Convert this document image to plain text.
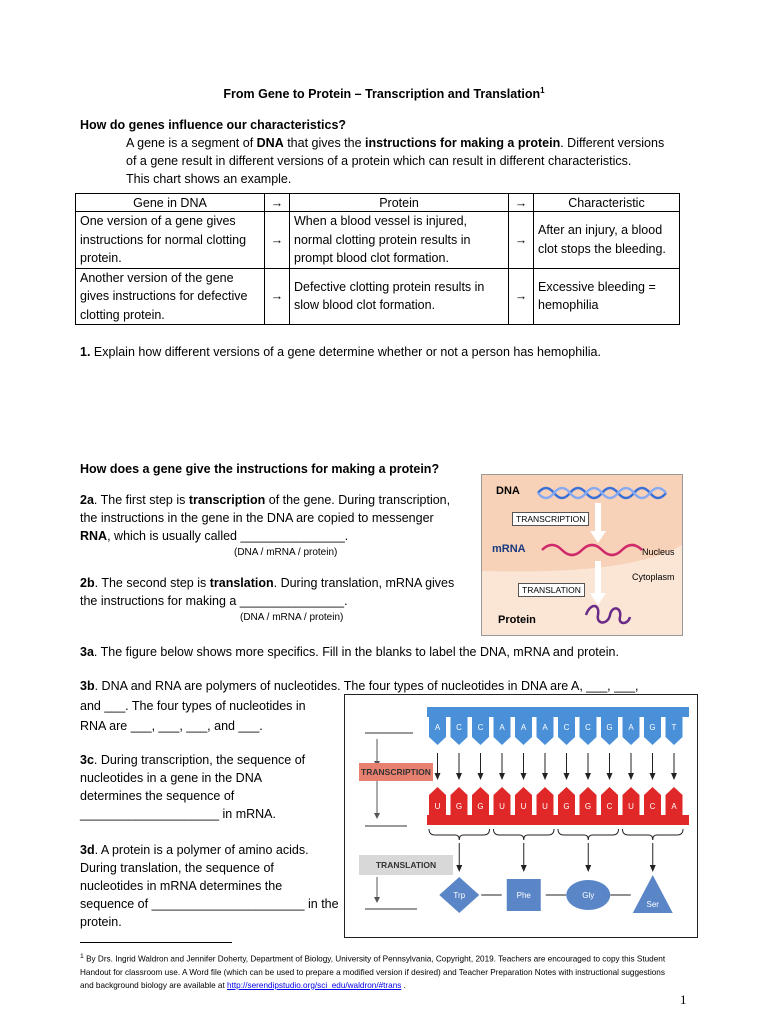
From Gene to Protein – Transcription and Translation$^1$
How do genes influence our characteristics?
A gene is a segment of DNA that gives the instructions for making a protein. Different versions
of a gene result in different versions of a protein which can result in different characteristics.
This chart shows an example.
Gene in DNA	→	Protein	→	Characteristic
One version of a gene gives instructions for normal clotting protein.	→	When a blood vessel is injured, normal clotting protein results in prompt blood clot formation.	→	After an injury, a blood clot stops the bleeding.
Another version of the gene gives instructions for defective clotting protein.	→	Defective clotting protein results in slow blood clot formation.	→	Excessive bleeding = hemophilia
1. Explain how different versions of a gene determine whether or not a person has hemophilia.
How does a gene give the instructions for making a protein?
2a. The first step is transcription of the gene. During transcription,
the instructions in the gene in the DNA are copied to messenger
RNA, which is usually called _______________.
(DNA / mRNA / protein)
2b. The second step is translation. During translation, mRNA gives
the instructions for making a _______________.
(DNA / mRNA / protein)
DNA
TRANSCRIPTION
mRNA	Nucleus
Cytoplasm
TRANSLATION
Protein
3a. The figure below shows more specifics. Fill in the blanks to label the DNA, mRNA and protein.
3b. DNA and RNA are polymers of nucleotides. The four types of nucleotides in DNA are A, ___, ___,
and ___. The four types of nucleotides in
RNA are ___, ___, ___, and ___.
3c. During transcription, the sequence of
nucleotides in a gene in the DNA
determines the sequence of
____________________ in mRNA.
3d. A protein is a polymer of amino acids.
During translation, the sequence of
nucleotides in mRNA determines the
sequence of ______________________ in the
protein.
A C C A A A C C G A G T
U G G U U U G G C U C A
Trp	Phe	Gly
Ser
TRANSCRIPTION
TRANSLATION
$^1$ By Drs. Ingrid Waldron and Jennifer Doherty, Department of Biology, University of Pennsylvania, Copyright, 2019. Teachers are encouraged to copy this Student Handout for classroom use. A Word file (which can be used to prepare a modified version if desired) and Teacher Preparation Notes with instructional suggestions and background biology are available at http://serendipstudio.org/sci_edu/waldron/#trans .
1
